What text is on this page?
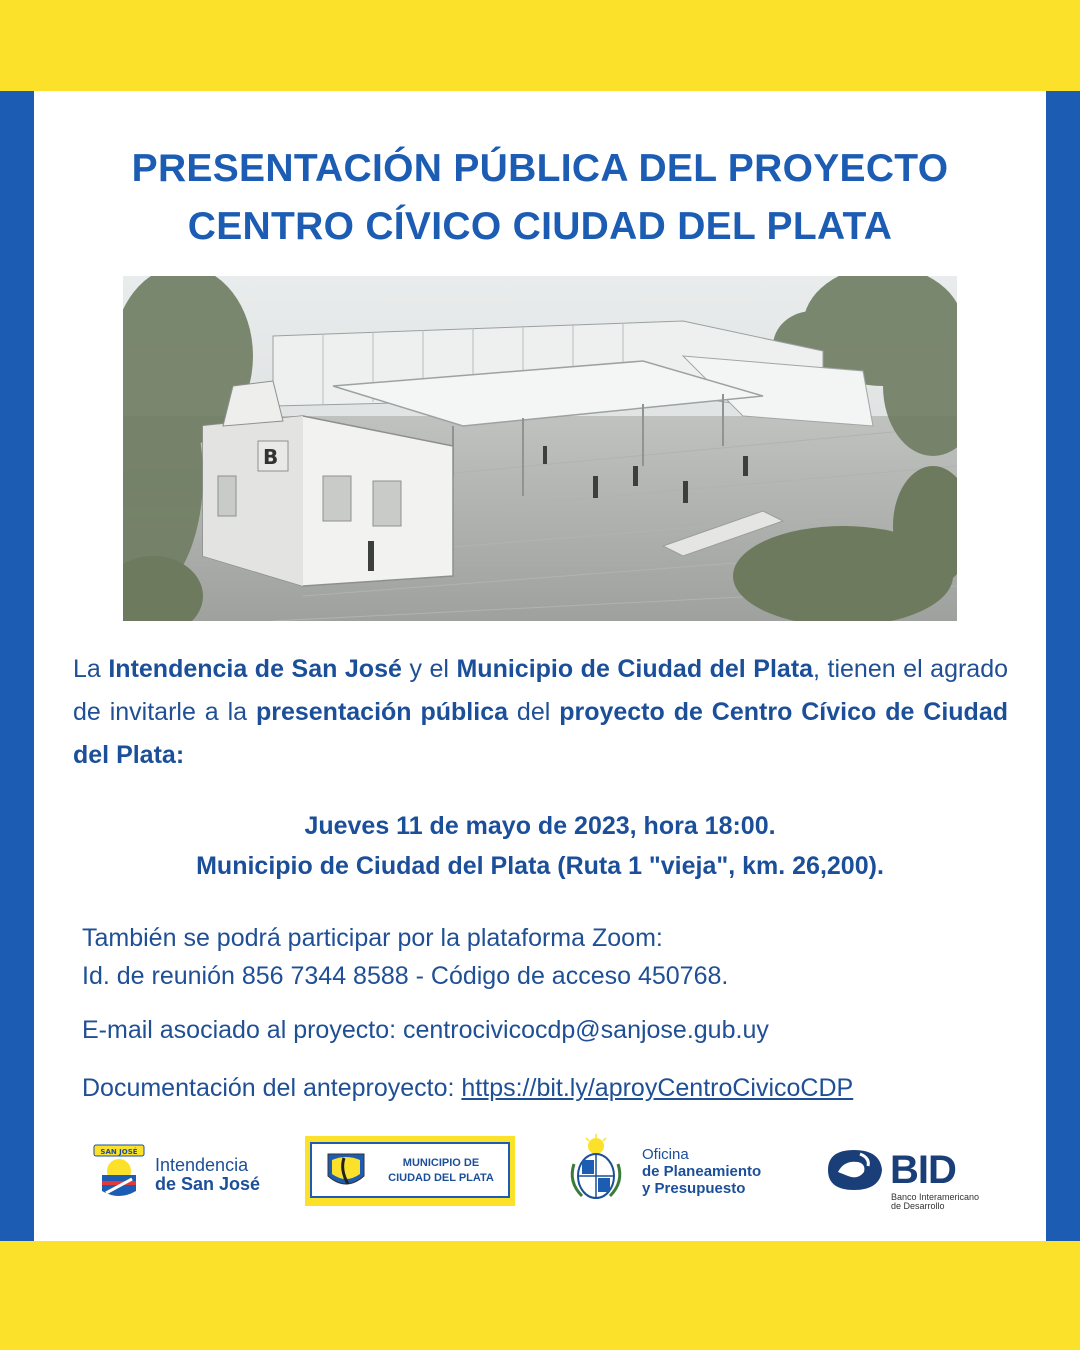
PRESENTACIÓN PÚBLICA DEL PROYECTO
CENTRO CÍVICO CIUDAD DEL PLATA
B
La Intendencia de San José y el Municipio de Ciudad del Plata, tienen el agrado de invitarle a la presentación pública del proyecto de Centro Cívico de Ciudad del Plata:
Jueves 11 de mayo de 2023, hora 18:00.
Municipio de Ciudad del Plata (Ruta 1 "vieja", km. 26,200).
También se podrá participar por la plataforma Zoom:
Id. de reunión 856 7344 8588 - Código de acceso 450768.
E-mail asociado al proyecto: centrocivicocdp@sanjose.gub.uy
Documentación del anteproyecto: https://bit.ly/aproyCentroCivicoCDP
SAN JOSÉ
Intendencia
de San José
MUNICIPIO DE
CIUDAD DEL PLATA
Oficina
de Planeamiento
y Presupuesto	BID
Banco Interamericano
de Desarrollo
